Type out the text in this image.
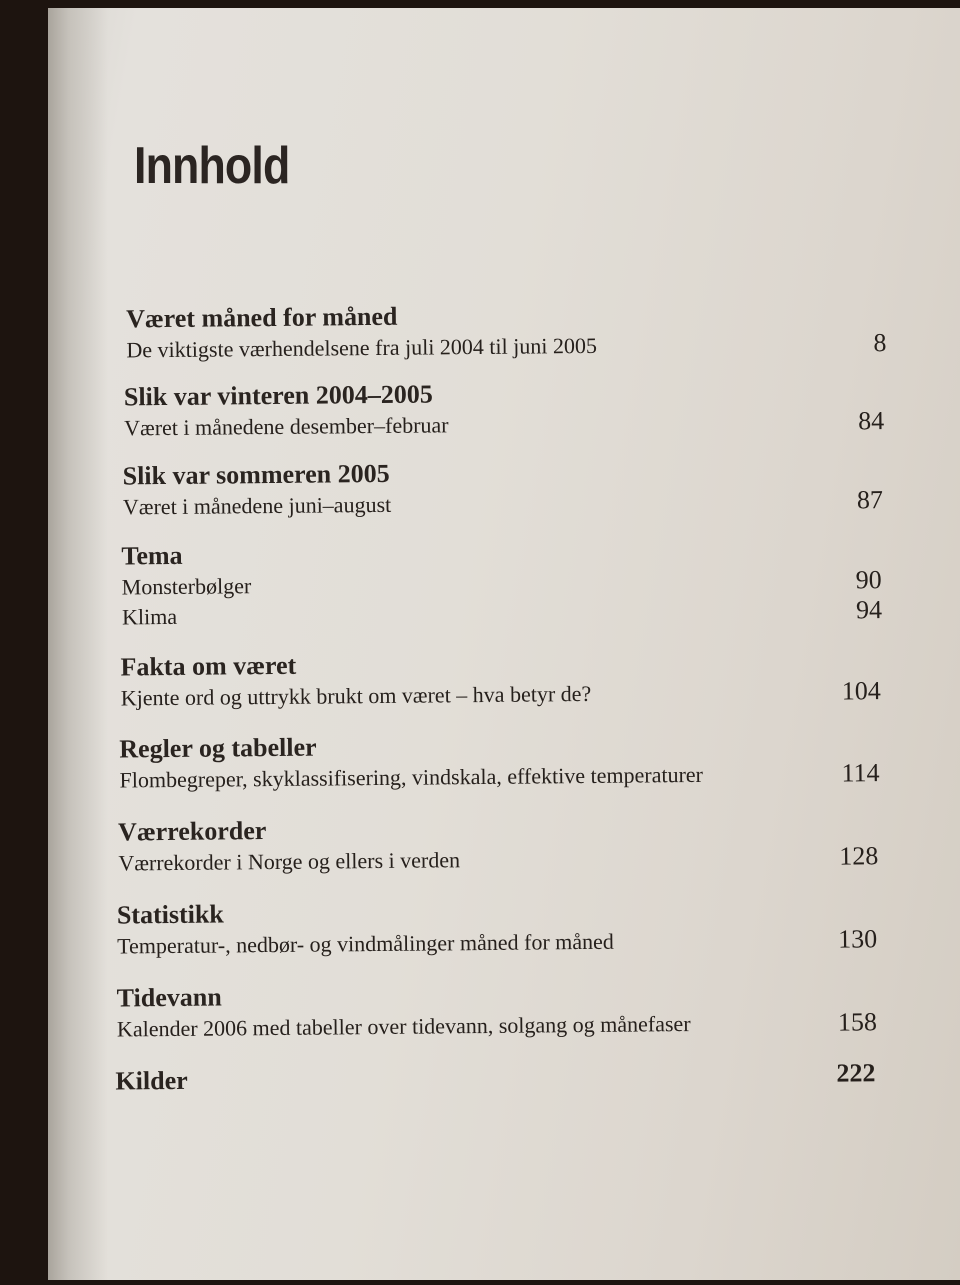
Innhold
Været måned for måned
De viktigste værhendelsene fra juli 2004 til juni 2005	8
Slik var vinteren 2004–2005
Været i månedene desember–februar	84
Slik var sommeren 2005
Været i månedene juni–august	87
Tema
Monsterbølger	90
Klima	94
Fakta om været
Kjente ord og uttrykk brukt om været – hva betyr de?	104
Regler og tabeller
Flombegreper, skyklassifisering, vindskala, effektive temperaturer	114
Værrekorder
Værrekorder i Norge og ellers i verden	128
Statistikk
Temperatur-, nedbør- og vindmålinger måned for måned	130
Tidevann
Kalender 2006 med tabeller over tidevann, solgang og månefaser	158
Kilder	222
